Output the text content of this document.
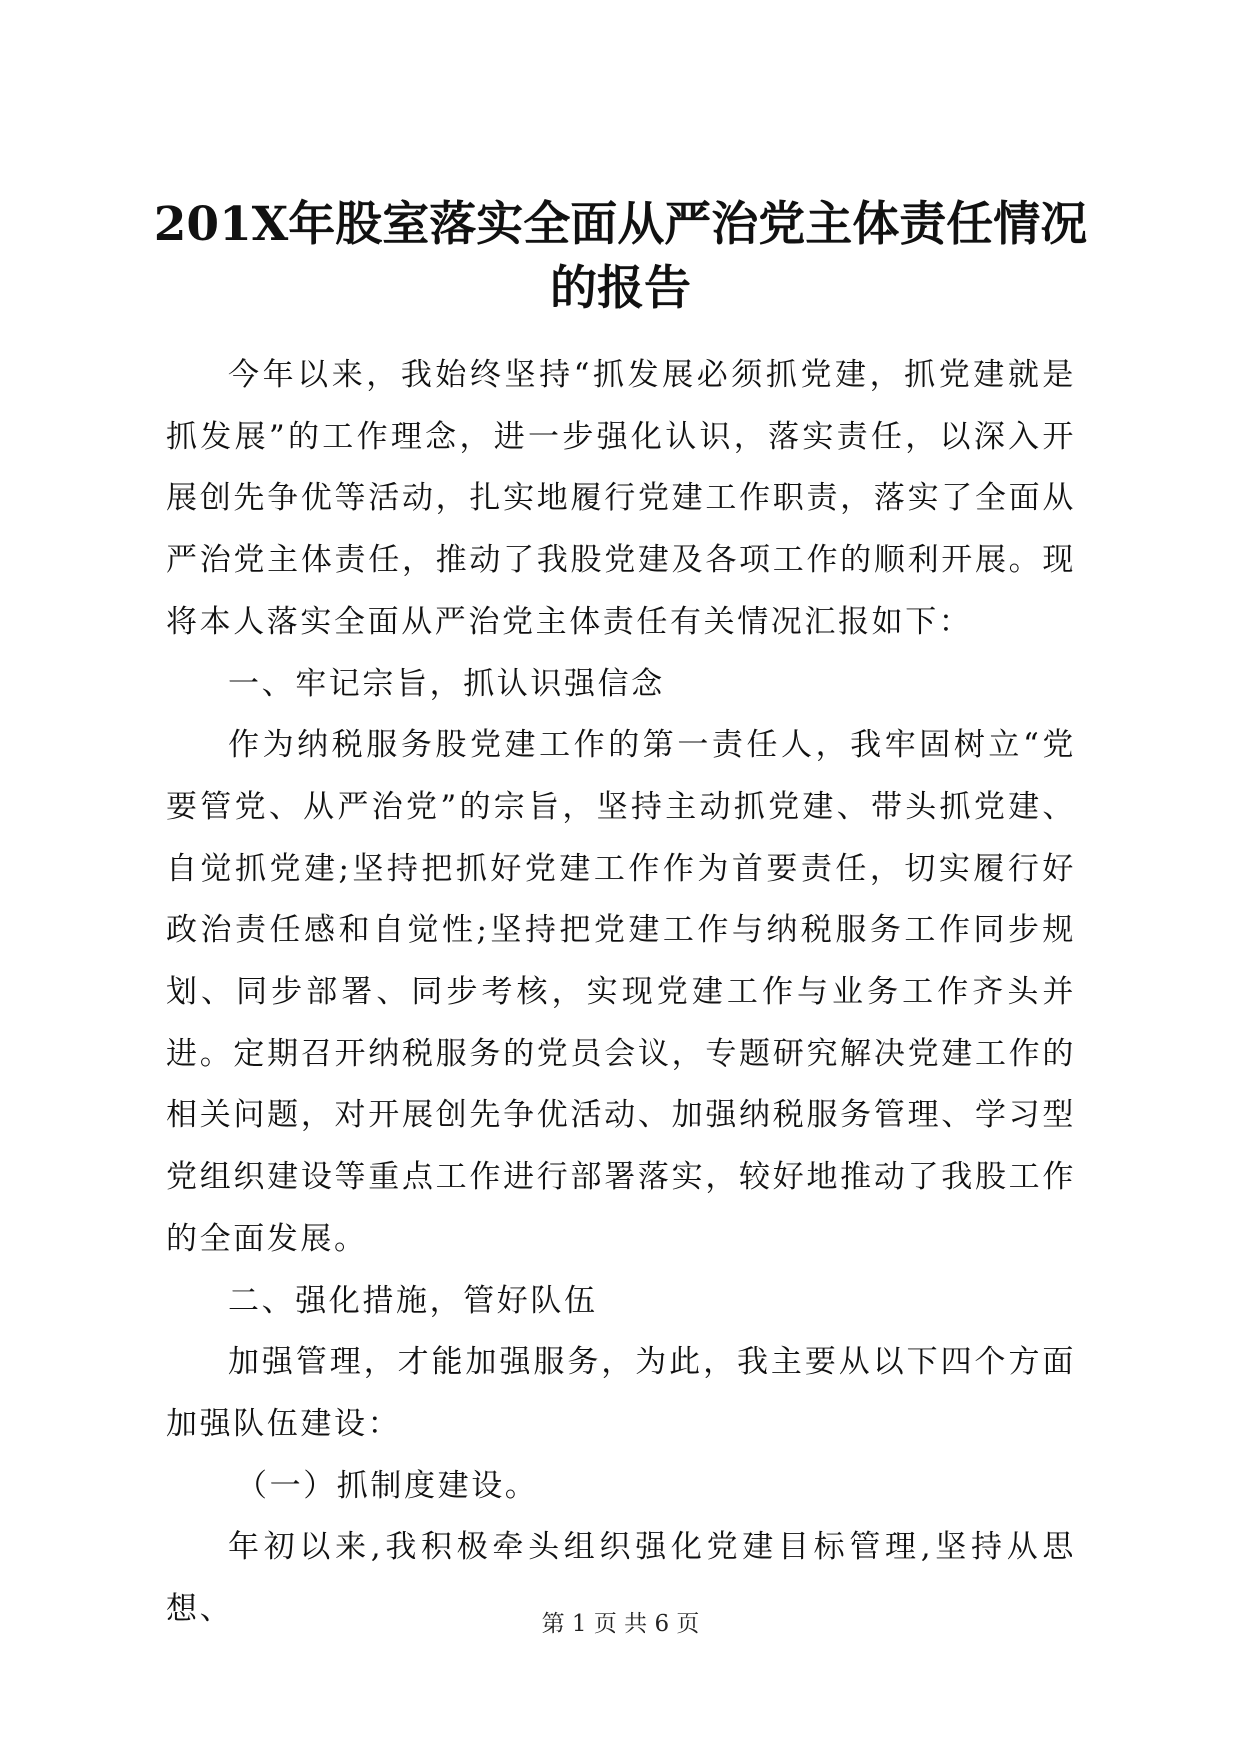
201X年股室落实全面从严治党主体责任情况
的报告

今年以来，我始终坚持“抓发展必须抓党建，抓党建就是抓发展”的工作理念，进一步强化认识，落实责任，以深入开展创先争优等活动，扎实地履行党建工作职责，落实了全面从严治党主体责任，推动了我股党建及各项工作的顺利开展。现将本人落实全面从严治党主体责任有关情况汇报如下：

一、牢记宗旨，抓认识强信念

作为纳税服务股党建工作的第一责任人，我牢固树立“党要管党、从严治党”的宗旨，坚持主动抓党建、带头抓党建、自觉抓党建;坚持把抓好党建工作作为首要责任，切实履行好政治责任感和自觉性;坚持把党建工作与纳税服务工作同步规划、同步部署、同步考核，实现党建工作与业务工作齐头并进。定期召开纳税服务的党员会议，专题研究解决党建工作的相关问题，对开展创先争优活动、加强纳税服务管理、学习型党组织建设等重点工作进行部署落实，较好地推动了我股工作的全面发展。

二、强化措施，管好队伍

加强管理，才能加强服务，为此，我主要从以下四个方面加强队伍建设：

（一）抓制度建设。

年初以来,我积极牵头组织强化党建目标管理,坚持从思想、	第 1 页 共 6 页
